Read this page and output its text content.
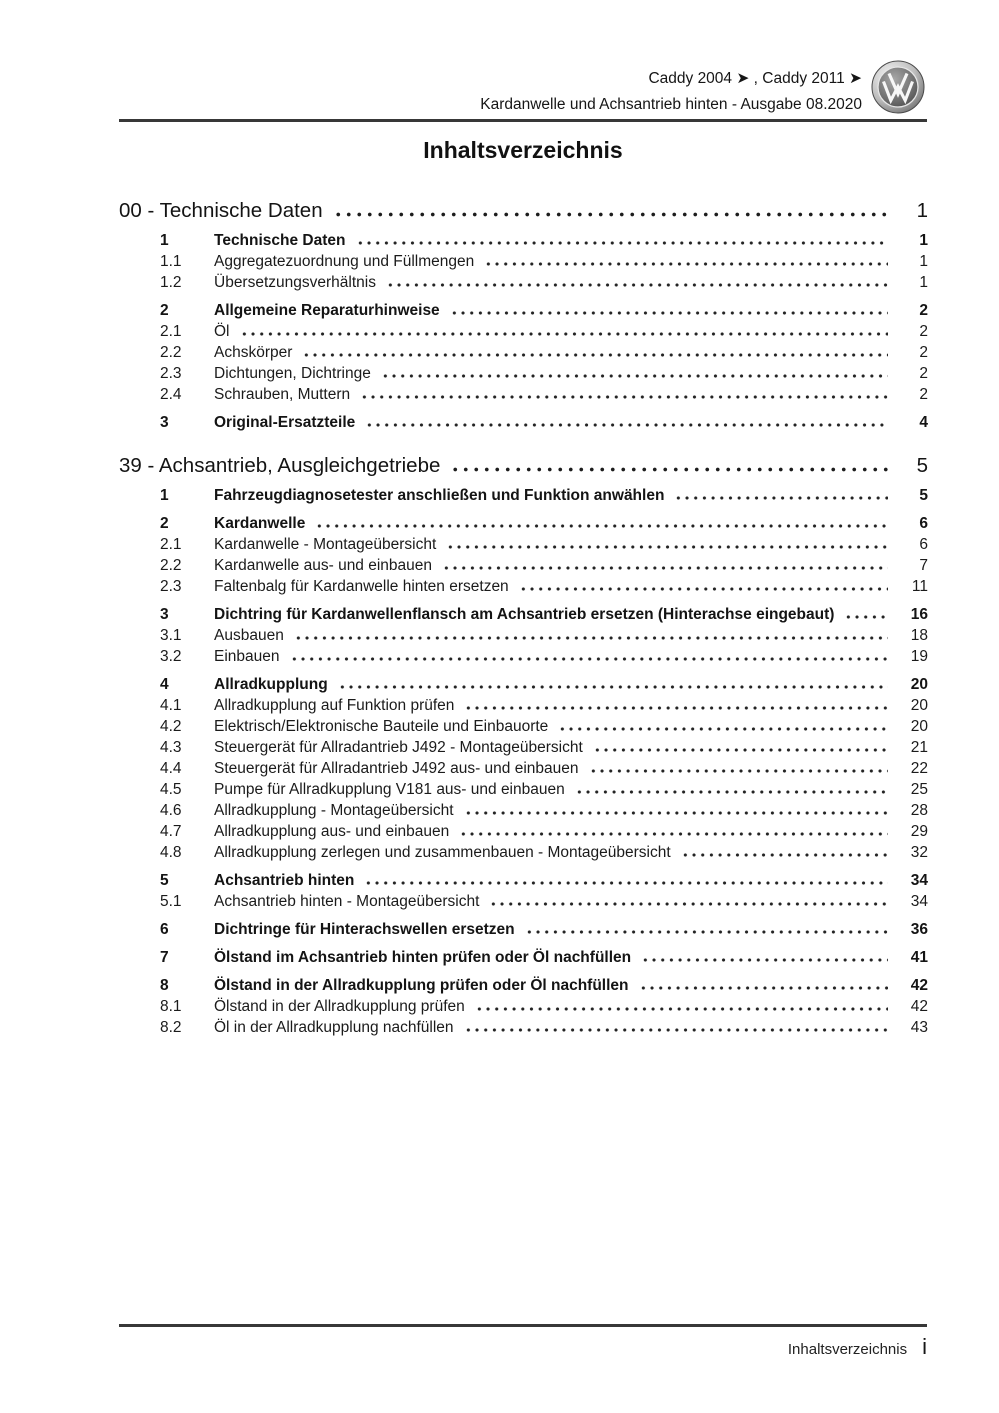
Caddy 2004 ➤ , Caddy 2011 ➤
Kardanwelle und Achsantrieb hinten - Ausgabe 08.2020
Inhaltsverzeichnis
00 - Technische Daten	1
1	Technische Daten	1
1.1	Aggregatezuordnung und Füllmengen	1
1.2	Übersetzungsverhältnis	1
2	Allgemeine Reparaturhinweise	2
2.1	Öl	2
2.2	Achskörper	2
2.3	Dichtungen, Dichtringe	2
2.4	Schrauben, Muttern	2
3	Original-Ersatzteile	4
39 - Achsantrieb, Ausgleichgetriebe	5
1	Fahrzeugdiagnosetester anschließen und Funktion anwählen	5
2	Kardanwelle	6
2.1	Kardanwelle - Montageübersicht	6
2.2	Kardanwelle aus- und einbauen	7
2.3	Faltenbalg für Kardanwelle hinten ersetzen	11
3	Dichtring für Kardanwellenflansch am Achsantrieb ersetzen (Hinterachse eingebaut)	16
3.1	Ausbauen	18
3.2	Einbauen	19
4	Allradkupplung	20
4.1	Allradkupplung auf Funktion prüfen	20
4.2	Elektrisch/Elektronische Bauteile und Einbauorte	20
4.3	Steuergerät für Allradantrieb J492 - Montageübersicht	21
4.4	Steuergerät für Allradantrieb J492 aus- und einbauen	22
4.5	Pumpe für Allradkupplung V181 aus- und einbauen	25
4.6	Allradkupplung - Montageübersicht	28
4.7	Allradkupplung aus- und einbauen	29
4.8	Allradkupplung zerlegen und zusammenbauen - Montageübersicht	32
5	Achsantrieb hinten	34
5.1	Achsantrieb hinten - Montageübersicht	34
6	Dichtringe für Hinterachswellen ersetzen	36
7	Ölstand im Achsantrieb hinten prüfen oder Öl nachfüllen	41
8	Ölstand in der Allradkupplung prüfen oder Öl nachfüllen	42
8.1	Ölstand in der Allradkupplung prüfen	42
8.2	Öl in der Allradkupplung nachfüllen	43
Inhaltsverzeichnis i
